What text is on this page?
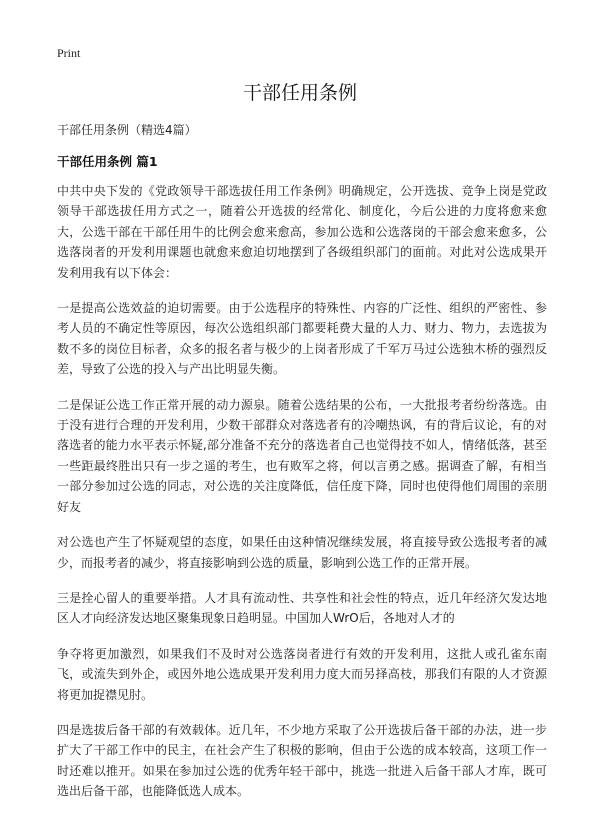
Print
干部任用条例

干部任用条例（精选4篇）

干部任用条例 篇1

中共中央下发的《党政领导干部选拔任用工作条例》明确规定，公开选拔、竞争上岗是党政领导干部选拔任用方式之一，随着公开选拔的经常化、制度化，今后公进的力度将愈来愈大，公选干部在干部任用牛的比例会愈来愈高，参加公选和公选落岗的干部会愈来愈多，公选落岗者的开发利用课题也就愈来愈迫切地摆到了各级组织部门的面前。对此对公选成果开发利用我有以下体会：

一是提高公选效益的迫切需要。由于公选程序的特殊性、内容的广泛性、组织的严密性、参考人员的不确定性等原因，每次公选组织部门都要耗费大量的人力、财力、物力，去选拔为数不多的岗位目标者，众多的报名者与极少的上岗者形成了千军万马过公选独木桥的强烈反差，导致了公选的投入与产出比明显失衡。

二是保证公选工作正常开展的动力源泉。随着公选结果的公布，一大批报考者纷纷落选。由于没有进行合理的开发利用，少数干部群众对落选者有的冷嘲热讽，有的背后议论，有的对落选者的能力水平表示怀疑,部分准备不充分的落选者自己也觉得技不如人，情绪低落，甚至一些距最终胜出只有一步之遥的考生，也有败军之将，何以言勇之感。据调查了解，有相当一部分参加过公选的同志，对公选的关注度降低，信任度下降，同时也使得他们周围的亲朋好友

对公选也产生了怀疑观望的态度，如果任由这种情况继续发展，将直接导致公选报考者的减少，而报考者的减少，将直接影响到公选的质量，影响到公选工作的正常开展。

三是拴心留人的重要举措。人才具有流动性、共享性和社会性的特点，近几年经济欠发达地区人才向经济发达地区聚集现象日趋明显。中国加人WrO后，各地对人才的

争夺将更加激烈，如果我们不及时对公选落岗者进行有效的开发利用，这批人或孔雀东南飞，或流失到外企，或因外地公选成果开发利用力度大而另择高枝，那我们有限的人才资源将更加捉襟见肘。

四是选拔后备干部的有效载体。近几年，不少地方采取了公开选拔后备干部的办法，进一步扩大了干部工作中的民主，在社会产生了积极的影响，但由于公选的成本较高，这项工作一时还难以推开。如果在参加过公选的优秀年轻干部中，挑选一批进入后备干部人才库，既可选出后备干部，也能降低选人成本。
